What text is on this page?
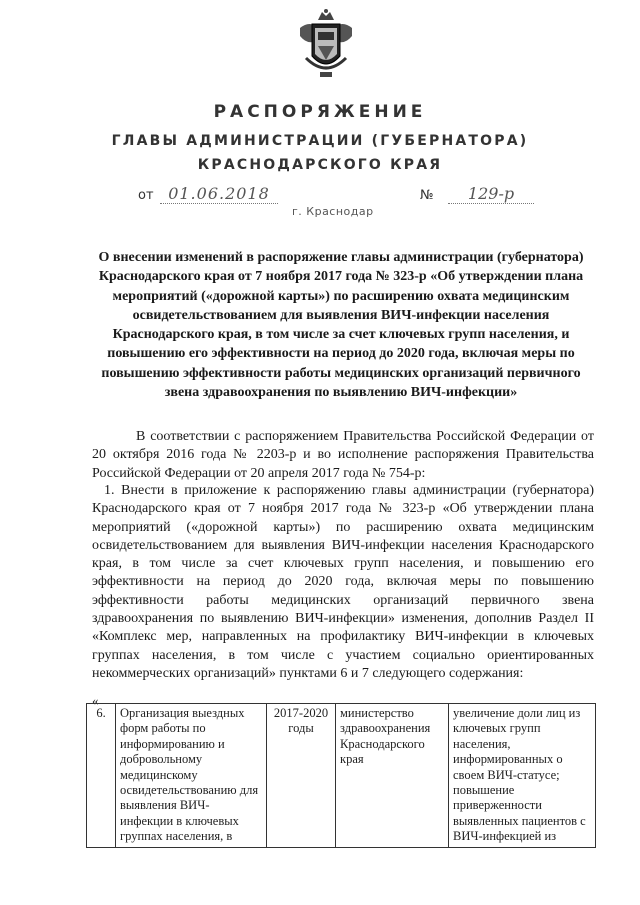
РАСПОРЯЖЕНИЕ
ГЛАВЫ АДМИНИСТРАЦИИ (ГУБЕРНАТОРА)
КРАСНОДАРСКОГО КРАЯ
от 01.06.2018	№	129-р
г. Краснодар
О внесении изменений в распоряжение главы администрации (губернатора) Краснодарского края от 7 ноября 2017 года № 323-р «Об утверждении плана мероприятий («дорожной карты») по расширению охвата медицинским освидетельствованием для выявления ВИЧ-инфекции населения Краснодарского края, в том числе за счет ключевых групп населения, и повышению его эффективности на период до 2020 года, включая меры по повышению эффективности работы медицинских организаций первичного звена здравоохранения по выявлению ВИЧ-инфекции»
В соответствии с распоряжением Правительства Российской Федерации от 20 октября 2016 года № 2203-р и во исполнение распоряжения Правительства Российской Федерации от 20 апреля 2017 года № 754-р:
1. Внести в приложение к распоряжению главы администрации (губернатора) Краснодарского края от 7 ноября 2017 года № 323-р «Об утверждении плана мероприятий («дорожной карты») по расширению охвата медицинским освидетельствованием для выявления ВИЧ-инфекции населения Краснодарского края, в том числе за счет ключевых групп населения, и повышению его эффективности на период до 2020 года, включая меры по повышению эффективности работы медицинских организаций первичного звена здравоохранения по выявлению ВИЧ-инфекции» изменения, дополнив Раздел II «Комплекс мер, направленных на профилактику ВИЧ-инфекции в ключевых группах населения, в том числе с участием социально ориентированных некоммерческих организаций» пунктами 6 и 7 следующего содержания:
«
6.	Организация выездных форм работы по информированию и добровольному медицинскому освидетельствованию для выявления ВИЧ-инфекции в ключевых группах населения, в	2017-2020 годы	министерство здравоохранения Краснодарского края	увеличение доли лиц из ключевых групп населения, информированных о своем ВИЧ-статусе; повышение приверженности выявленных пациентов с ВИЧ-инфекцией из
